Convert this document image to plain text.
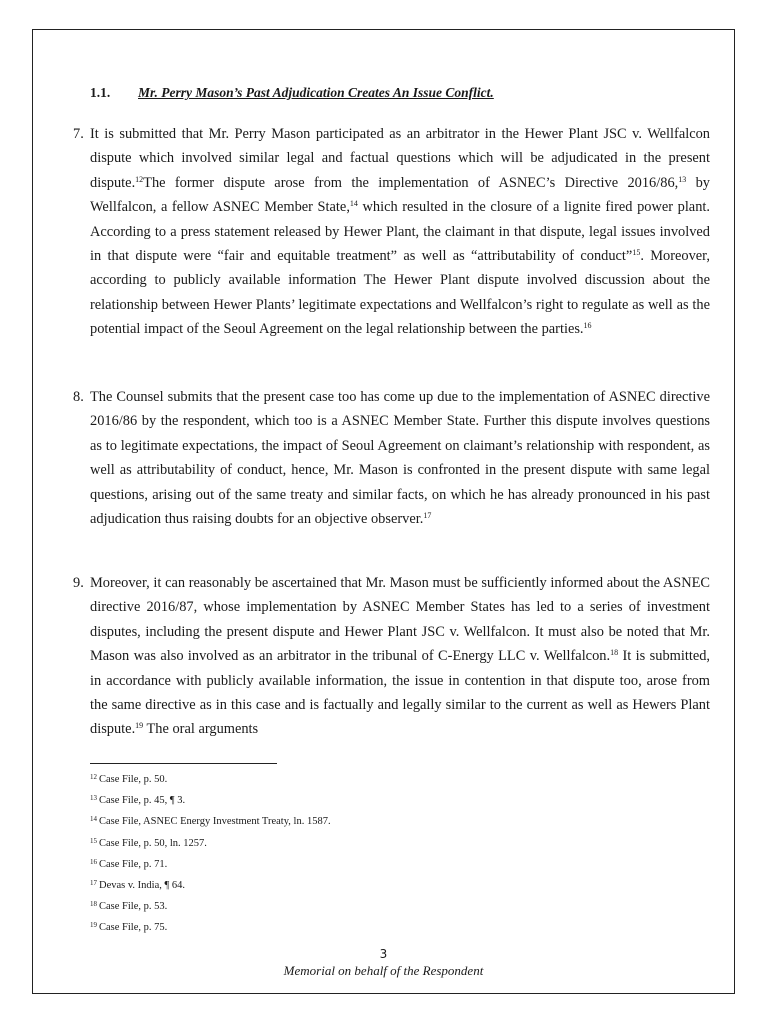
1.1. Mr. Perry Mason’s Past Adjudication Creates An Issue Conflict.
7. It is submitted that Mr. Perry Mason participated as an arbitrator in the Hewer Plant JSC v. Wellfalcon dispute which involved similar legal and factual questions which will be adjudicated in the present dispute.$^{12}$The former dispute arose from the implementation of ASNEC’s Directive 2016/86,13 by Wellfalcon, a fellow ASNEC Member State,$^{14}$ which resulted in the closure of a lignite fired power plant. According to a press statement released by Hewer Plant, the claimant in that dispute, legal issues involved in that dispute were “fair and equitable treatment” as well as “attributability of conduct”$^{15}$. Moreover, according to publicly available information The Hewer Plant dispute involved discussion about the relationship between Hewer Plants’ legitimate expectations and Wellfalcon’s right to regulate as well as the potential impact of the Seoul Agreement on the legal relationship between the parties.$^{16}$
8. The Counsel submits that the present case too has come up due to the implementation of ASNEC directive 2016/86 by the respondent, which too is a ASNEC Member State. Further this dispute involves questions as to legitimate expectations, the impact of Seoul Agreement on claimant’s relationship with respondent, as well as attributability of conduct, hence, Mr. Mason is confronted in the present dispute with same legal questions, arising out of the same treaty and similar facts, on which he has already pronounced in his past adjudication thus raising doubts for an objective observer.$^{17}$
9. Moreover, it can reasonably be ascertained that Mr. Mason must be sufficiently informed about the ASNEC directive 2016/87, whose implementation by ASNEC Member States has led to a series of investment disputes, including the present dispute and Hewer Plant JSC v. Wellfalcon. It must also be noted that Mr. Mason was also involved as an arbitrator in the tribunal of C-Energy LLC v. Wellfalcon.$^{18}$ It is submitted, in accordance with publicly available information, the issue in contention in that dispute too, arose from the same directive as in this case and is factually and legally similar to the current as well as Hewers Plant dispute.$^{19}$ The oral arguments
$^{12}$ Case File, p. 50.
$^{13}$ Case File, p. 45, ¶ 3.
$^{14}$ Case File, ASNEC Energy Investment Treaty, ln. 1587.
$^{15}$ Case File, p. 50, ln. 1257.
$^{16}$ Case File, p. 71.
$^{17}$ Devas v. India, ¶ 64.
$^{18}$ Case File, p. 53.
$^{19}$ Case File, p. 75.
3
Memorial on behalf of the Respondent
